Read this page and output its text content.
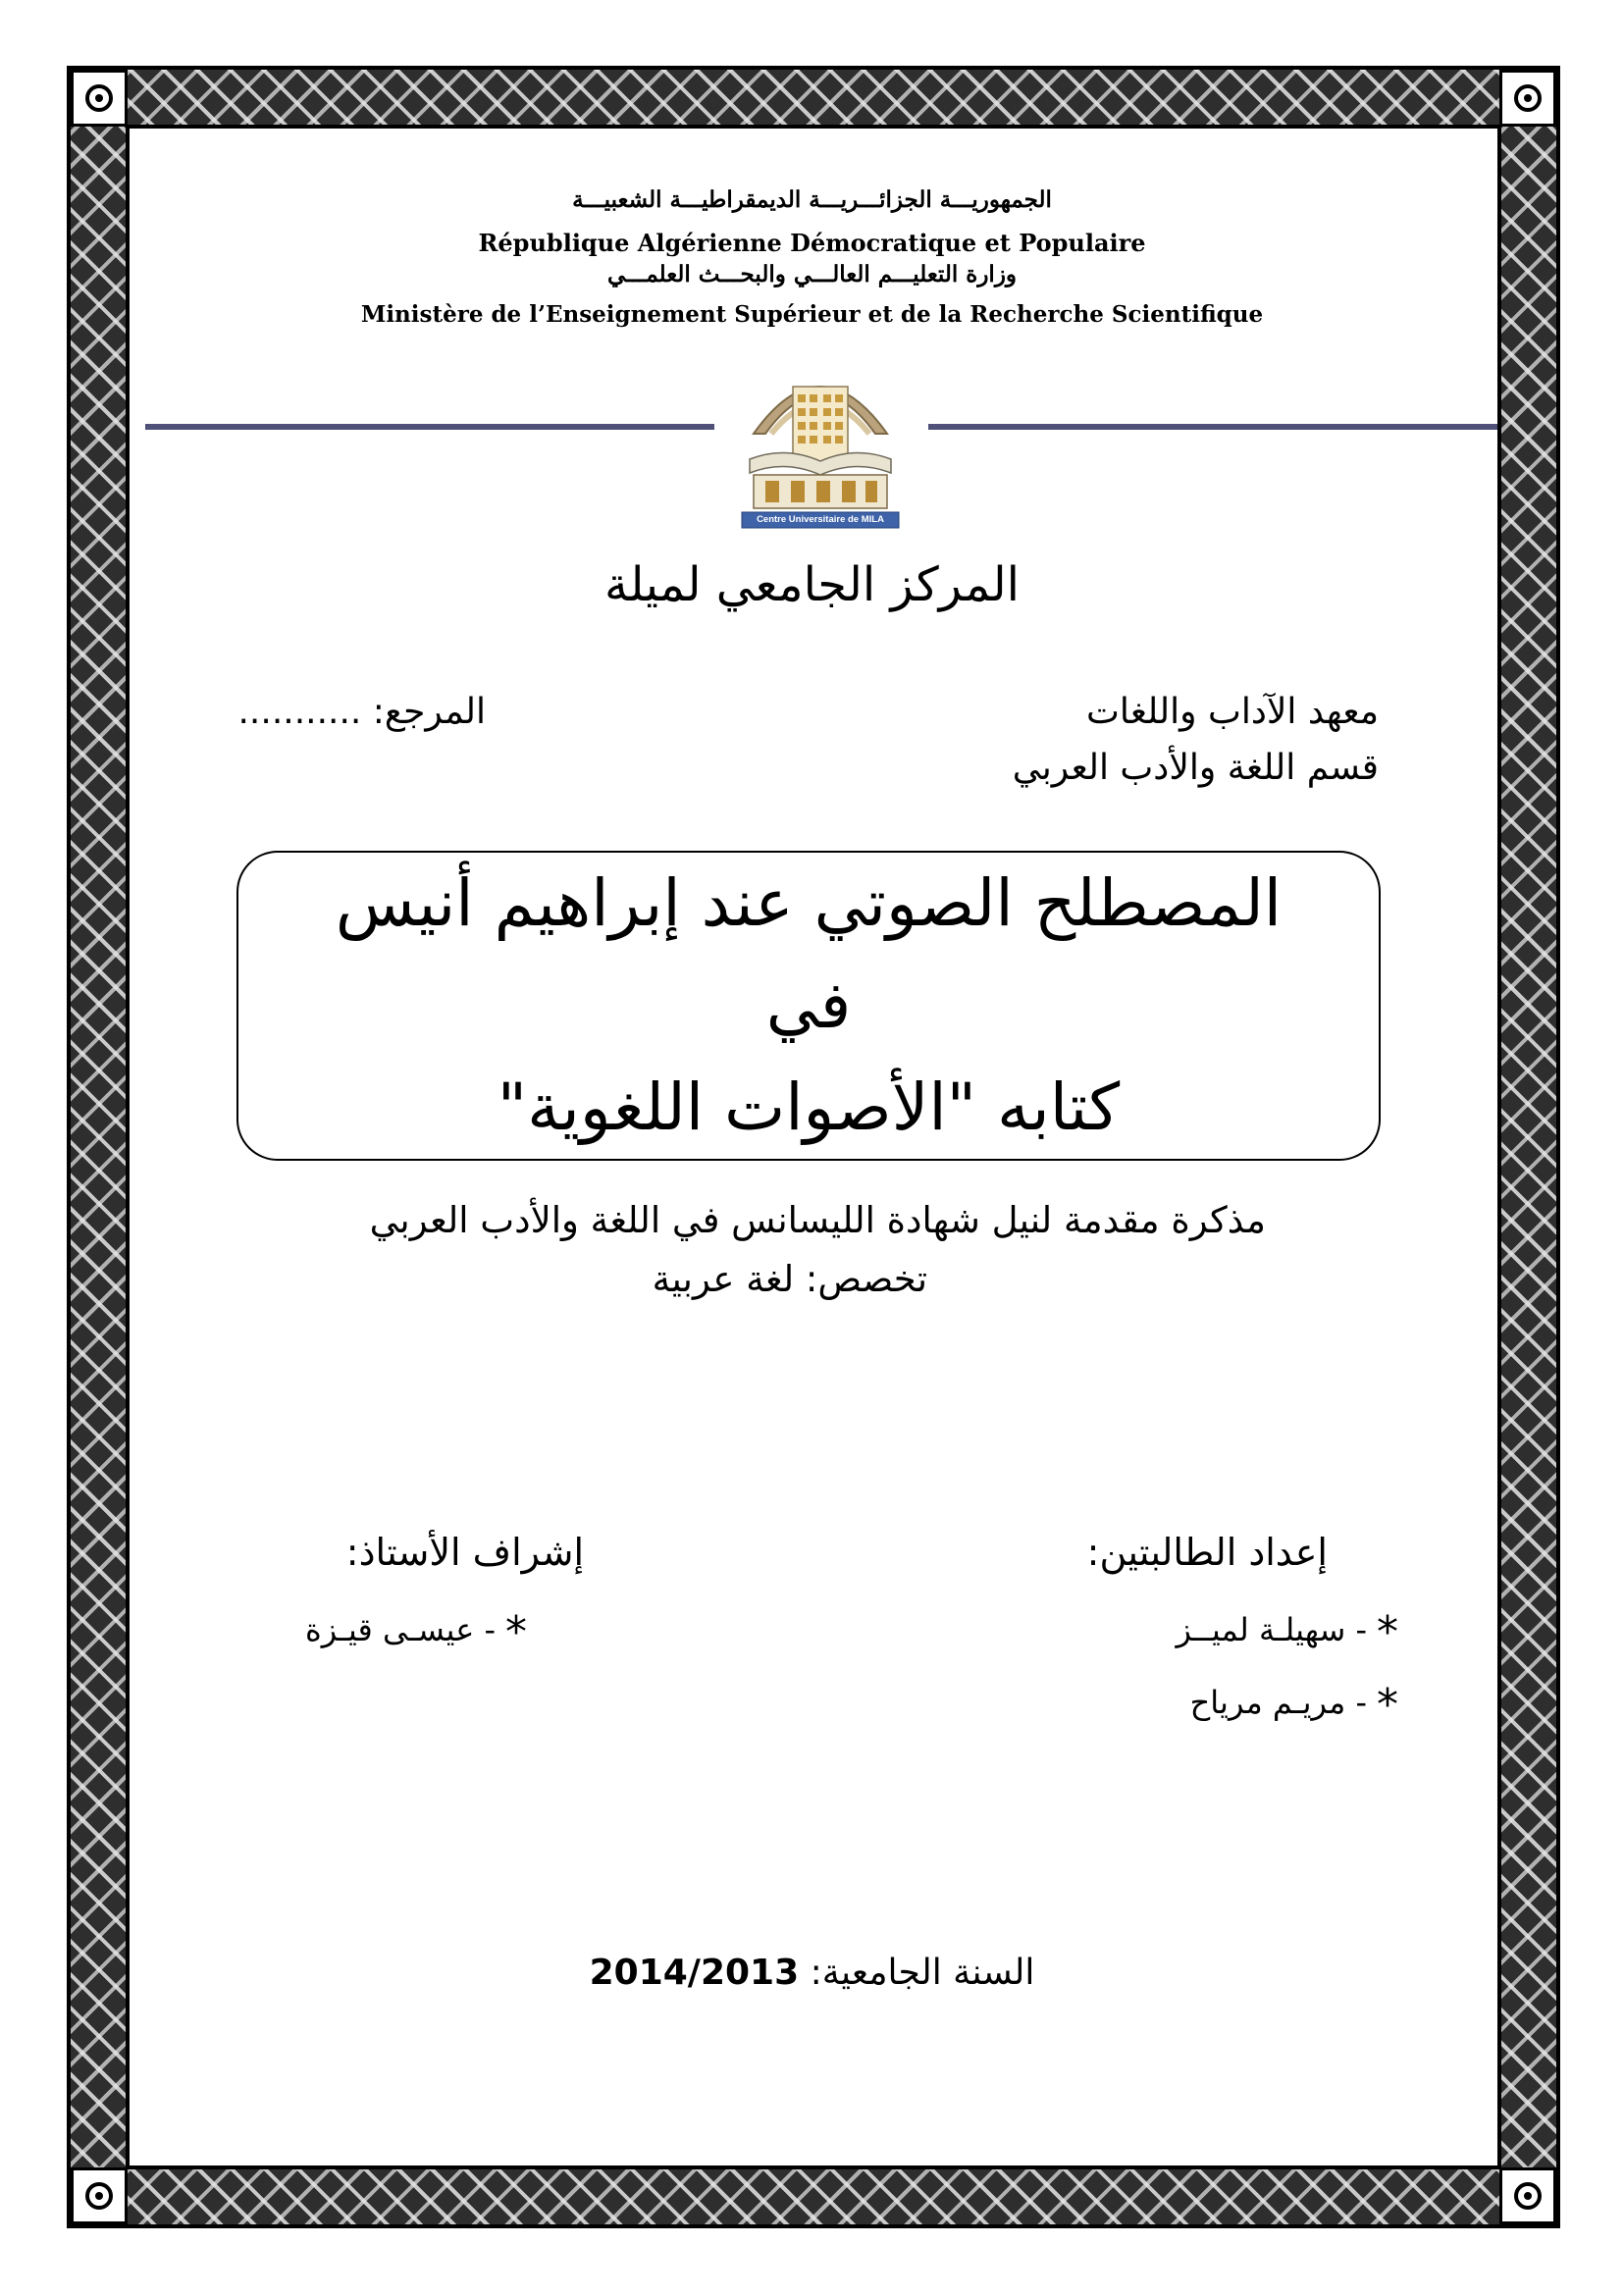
الجمهوريـــة الجزائـــريـــة الديمقراطيـــة الشعبيـــة
République Algérienne Démocratique et Populaire
وزارة التعليـــم العالـــي والبحـــث العلمـــي
Ministère de l’Enseignement Supérieur et de la Recherche Scientifique
Centre Universitaire de MILA
المركز الجامعي لميلة
معهد الآداب واللغات
قسم اللغة والأدب العربي
المرجع: ...........
المصطلح الصوتي عند إبراهيم أنيس في
كتابه "الأصوات اللغوية"
مذكرة مقدمة لنيل شهادة الليسانس في اللغة والأدب العربي
تخصص: لغة عربية
إعداد الطالبتين:
إشراف الأستاذ:
*- سهيلـة لميــز
*- مريـم مرياح
*- عيسـى قيـزة
السنة الجامعية: 2014/2013
